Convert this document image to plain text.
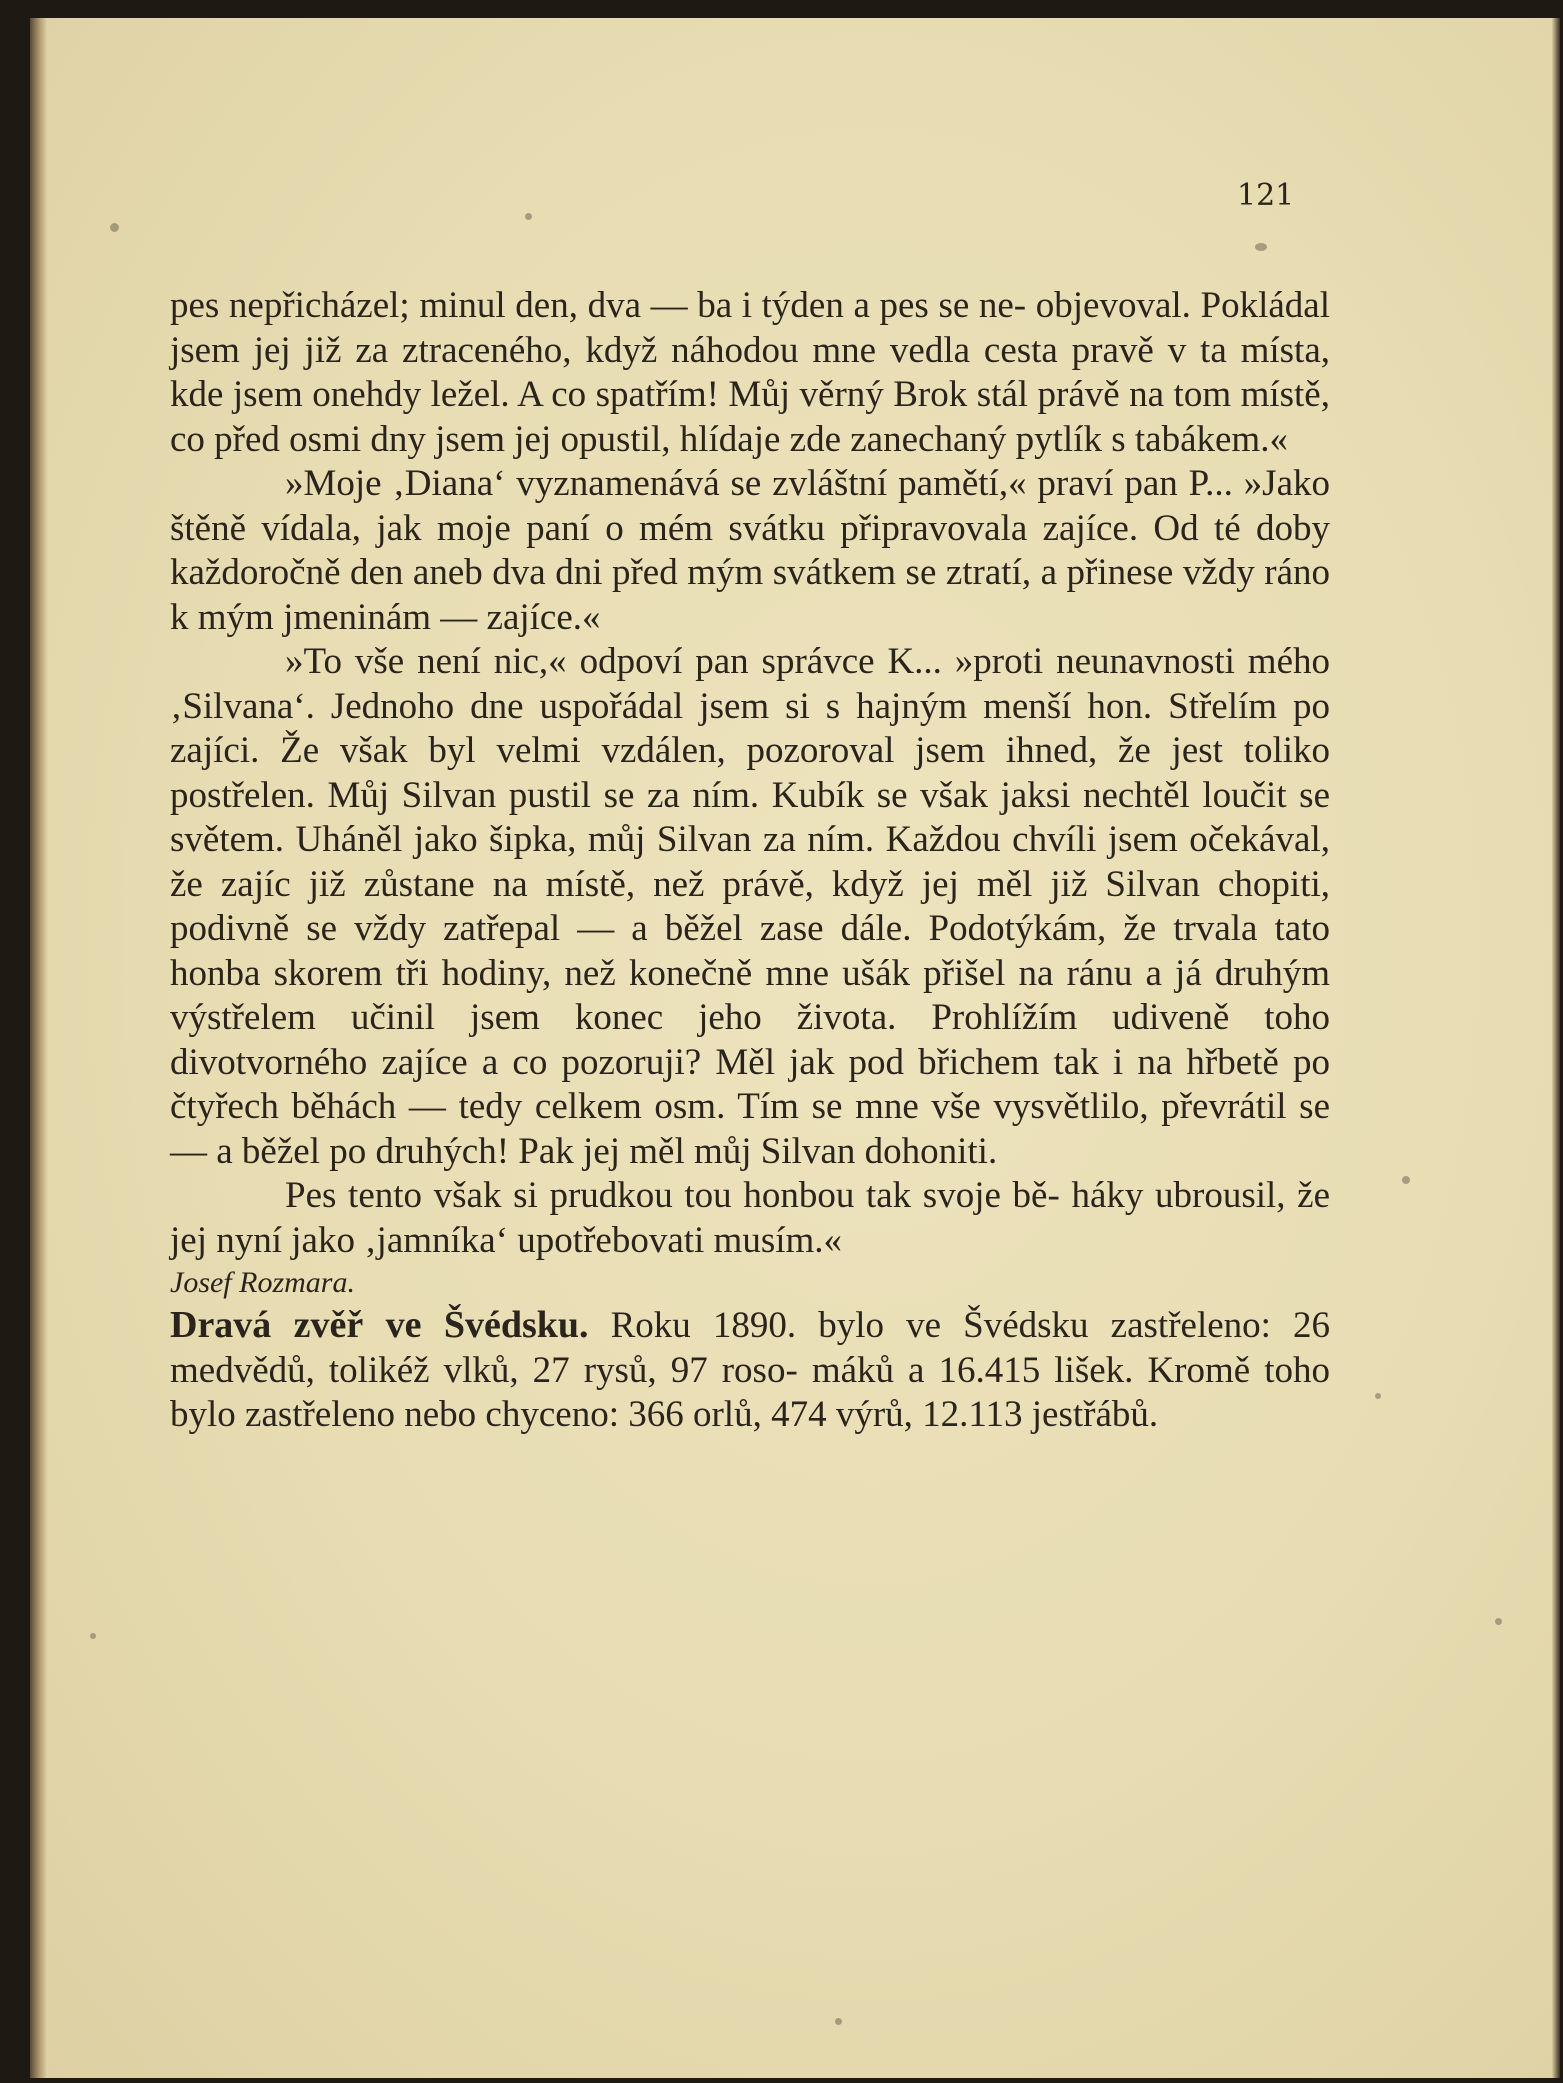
121

pes nepřicházel; minul den, dva — ba i týden a pes se ne- objevoval. Pokládal jsem jej již za ztraceného, když náhodou mne vedla cesta pravě v ta místa, kde jsem onehdy ležel. A co spatřím! Můj věrný Brok stál právě na tom místě, co před osmi dny jsem jej opustil, hlídaje zde zanechaný pytlík s tabákem.«

»Moje ‚Diana‘ vyznamenává se zvláštní pamětí,« praví pan P... »Jako štěně vídala, jak moje paní o mém svátku připravovala zajíce. Od té doby každoročně den aneb dva dni před mým svátkem se ztratí, a přinese vždy ráno k mým jmeninám — zajíce.«

»To vše není nic,« odpoví pan správce K... »proti neunavnosti mého ‚Silvana‘. Jednoho dne uspořádal jsem si s hajným menší hon. Střelím po zajíci. Že však byl velmi vzdálen, pozoroval jsem ihned, že jest toliko postřelen. Můj Silvan pustil se za ním. Kubík se však jaksi nechtěl loučit se světem. Uháněl jako šipka, můj Silvan za ním. Každou chvíli jsem očekával, že zajíc již zůstane na místě, než právě, když jej měl již Silvan chopiti, podivně se vždy zatřepal — a běžel zase dále. Podotýkám, že trvala tato honba skorem tři hodiny, než konečně mne ušák přišel na ránu a já druhým výstřelem učinil jsem konec jeho života. Prohlížím udiveně toho divotvorného zajíce a co pozoruji? Měl jak pod břichem tak i na hřbetě po čtyřech běhách — tedy celkem osm. Tím se mne vše vysvětlilo, převrátil se — a běžel po druhých! Pak jej měl můj Silvan dohoniti.

Pes tento však si prudkou tou honbou tak svoje bě- háky ubrousil, že jej nyní jako ‚jamníka‘ upotřebovati musím.«

Josef Rozmara.

Dravá zvěř ve Švédsku. Roku 1890. bylo ve Švédsku zastřeleno: 26 medvědů, tolikéž vlků, 27 rysů, 97 roso- máků a 16.415 lišek. Kromě toho bylo zastřeleno nebo chyceno: 366 orlů, 474 výrů, 12.113 jestřábů.
